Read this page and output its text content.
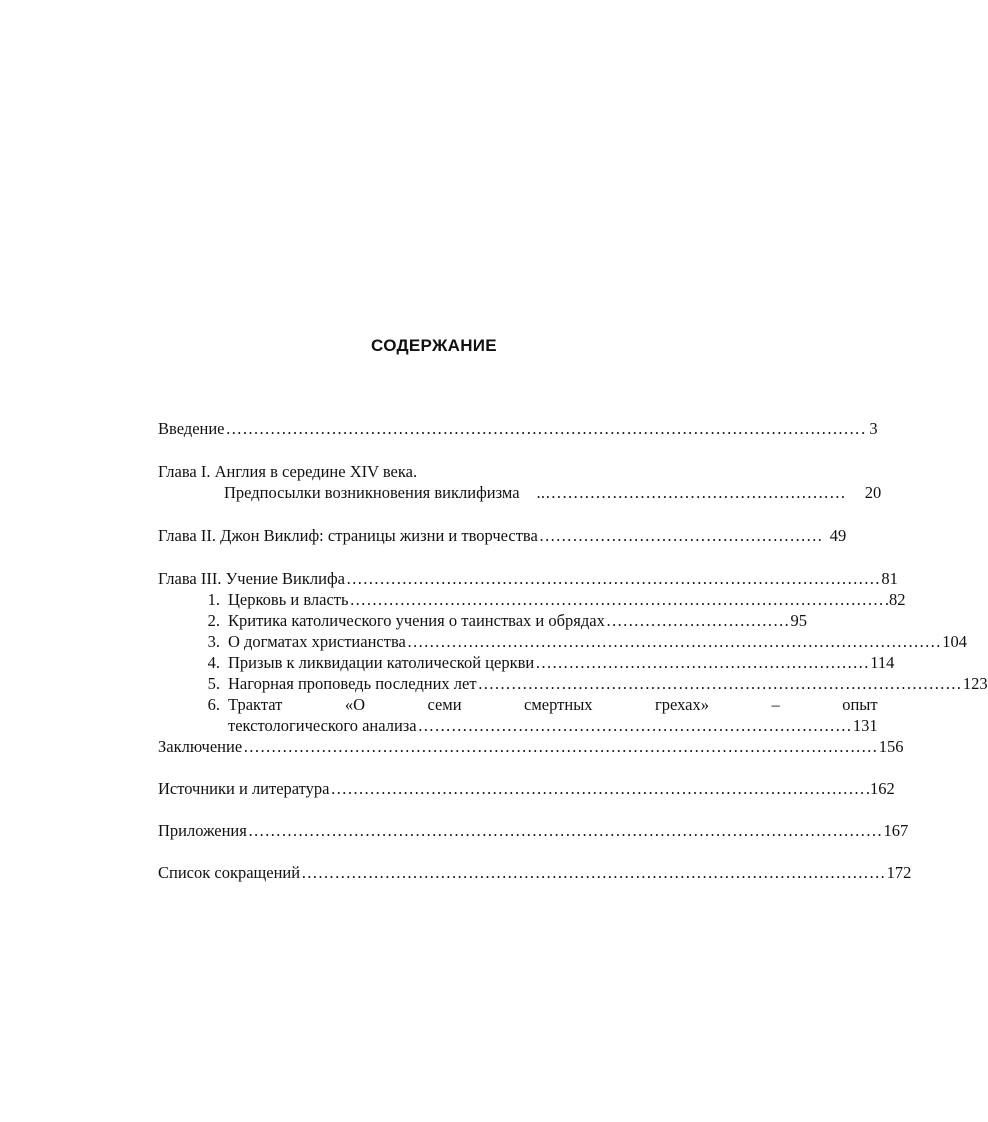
СОДЕРЖАНИЕ
Введение …………………………………………………………………………………………………… . 3
Глава I. Англия в середине XIV века.
Предпосылки возникновения виклифизма	..………………………………………………	20
Глава II. Джон Виклиф: страницы жизни и творчества …………………………………………… 49
Глава III. Учение Виклифа …………………………………………………………………………………… 81
1. Церковь и власть …………………………………………………………………………………… .82
2. Критика католического учения о таинствах и обрядах …………………………… 95
3. О догматах христианства …………………………………………………………………………………… 104
4. Призыв к ликвидации католической церкви …………………………………………………… 114
5. Нагорная проповедь последних лет …………………………………………………………………………… 123
6. Трактат	«О	семи	смертных	грехах»	–	опыт
текстологического анализа …………………………………………………………………… 131
Заключение …………………………………………………………………………………………………… 156
Источники и литература …………………………………………………………………………………… .162
Приложения …………………………………………………………………………………………………… 167
Список сокращений …………………………………………………………………………………………… 172
